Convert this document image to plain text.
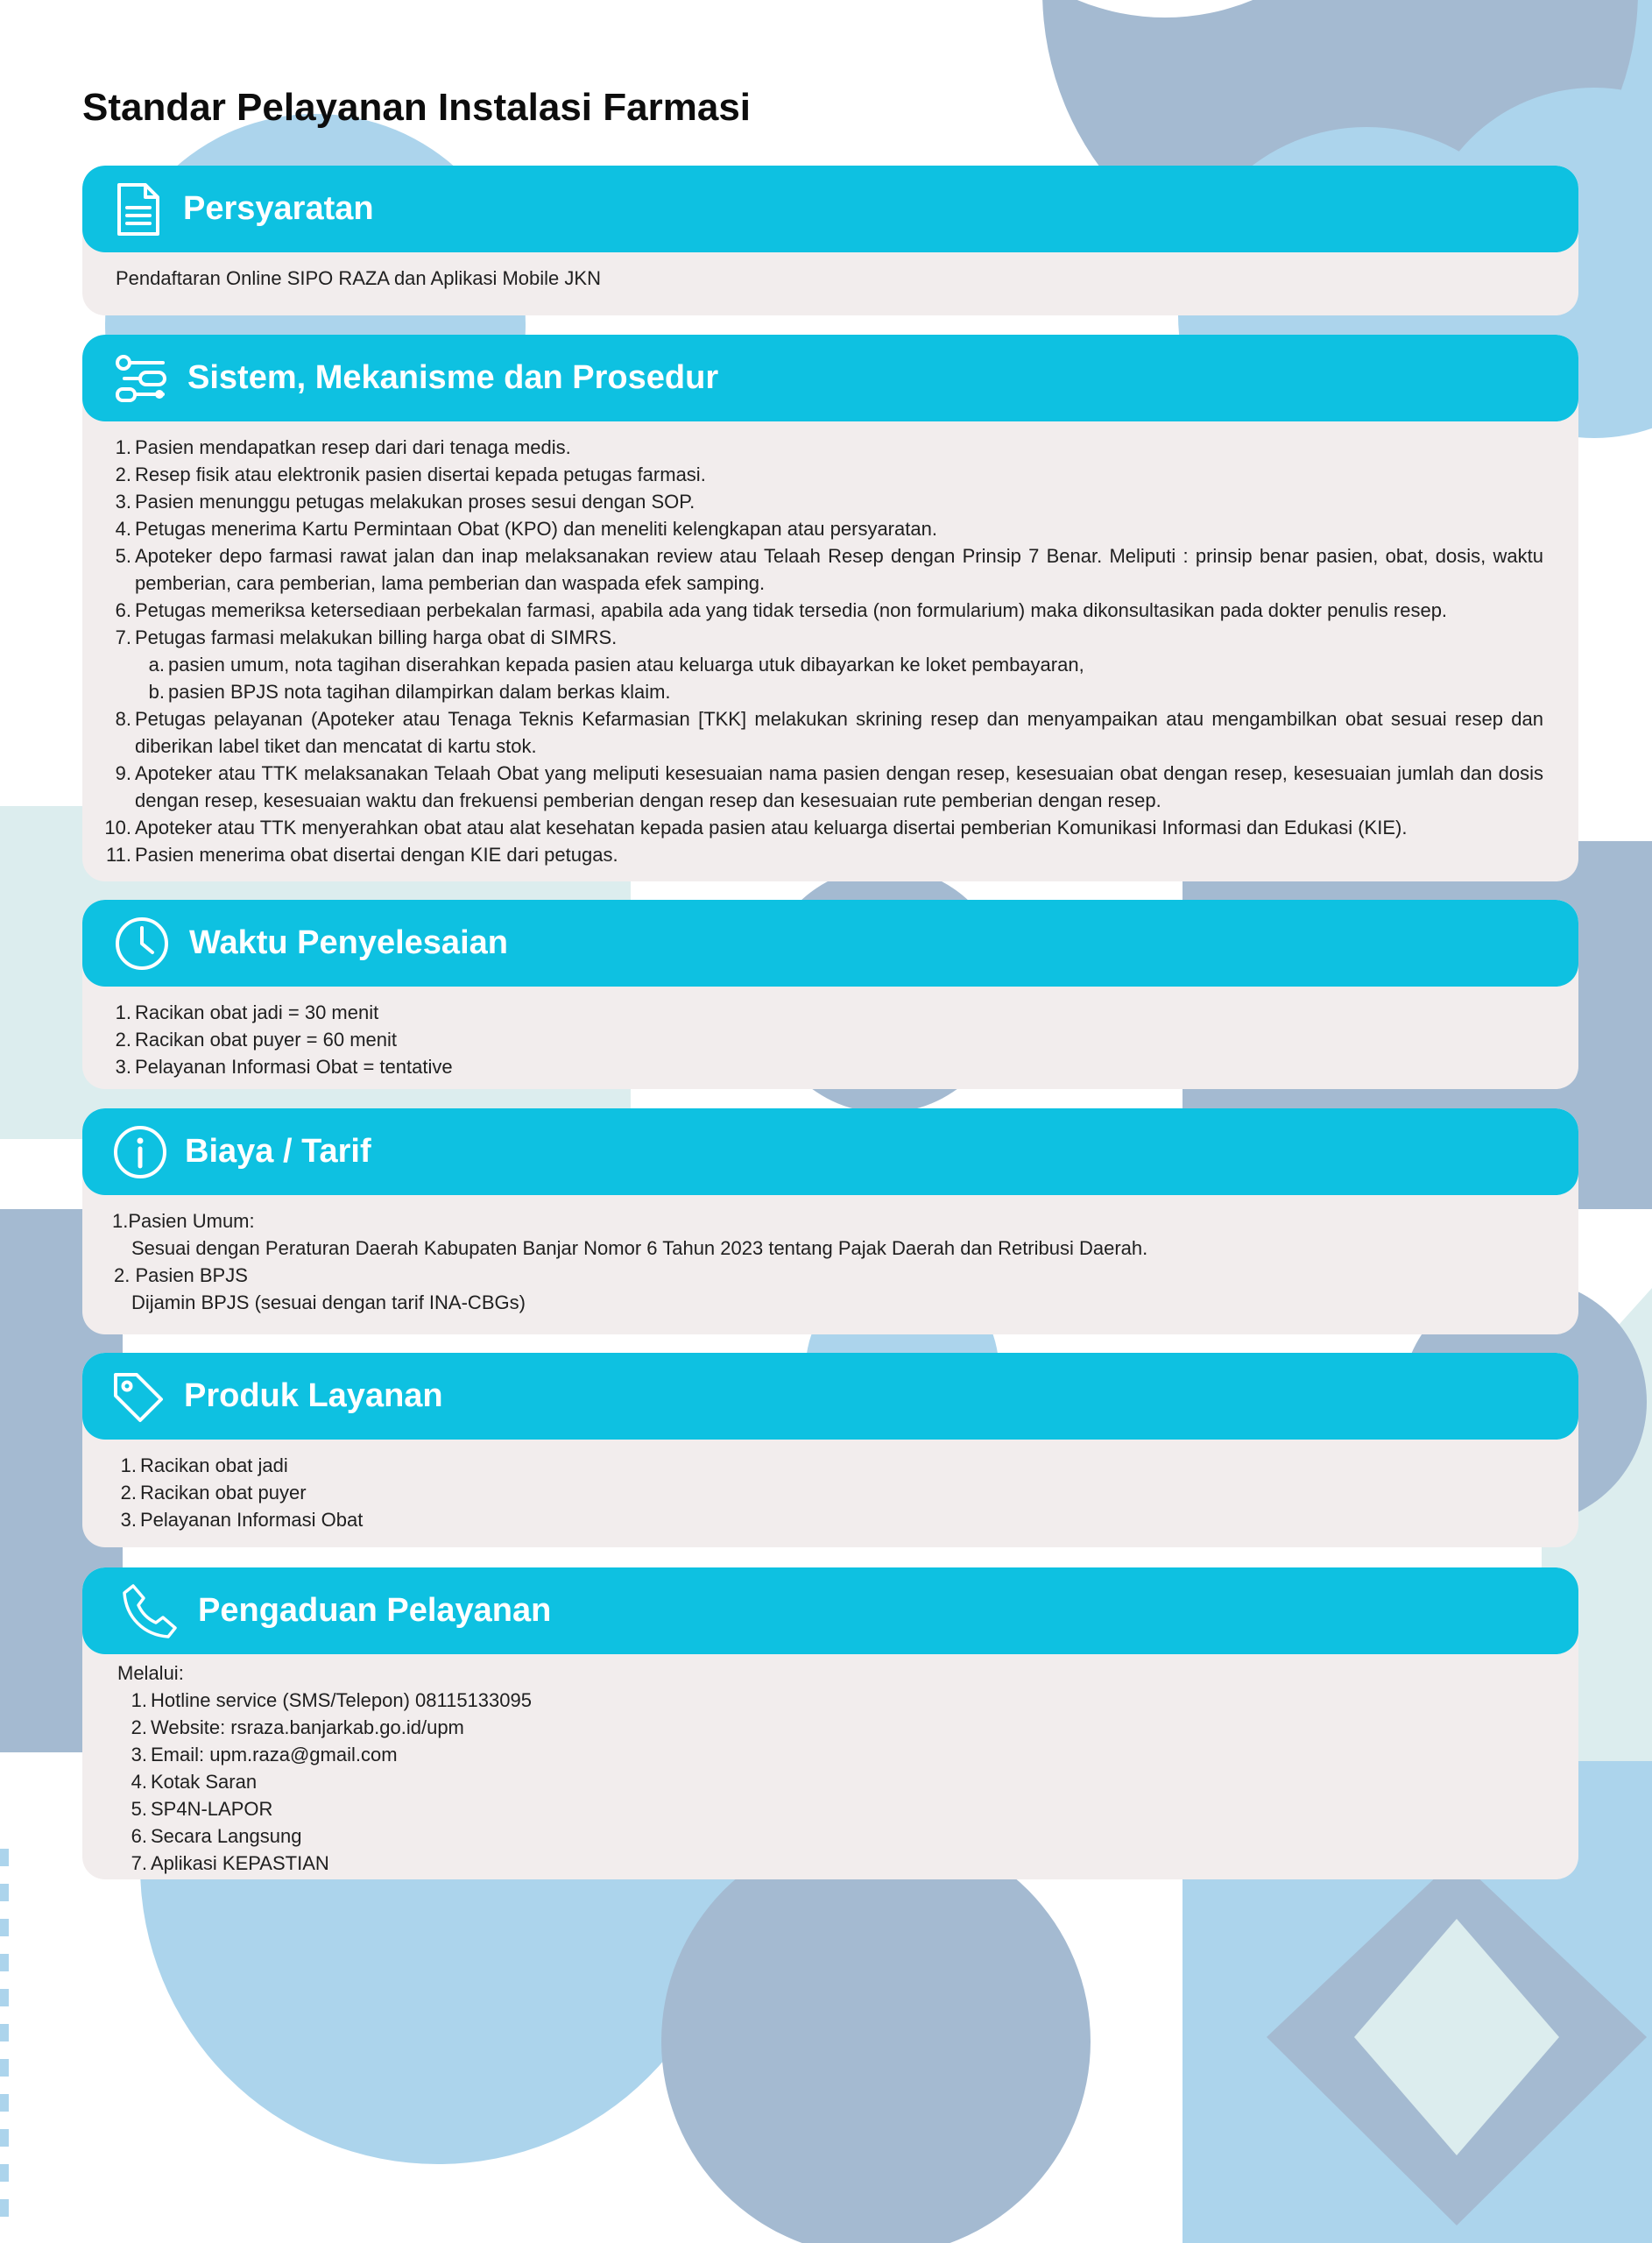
Standar Pelayanan Instalasi Farmasi
Persyaratan

Pendaftaran Online SIPO RAZA dan Aplikasi Mobile JKN

Sistem, Mekanisme dan Prosedur
1. Pasien mendapatkan resep dari dari tenaga medis.
2. Resep fisik atau elektronik pasien disertai kepada petugas farmasi.
3. Pasien menunggu petugas melakukan proses sesui dengan SOP.
4. Petugas menerima Kartu Permintaan Obat (KPO) dan meneliti kelengkapan atau persyaratan.
5. Apoteker depo farmasi rawat jalan dan inap melaksanakan review atau Telaah Resep dengan Prinsip 7 Benar. Meliputi : prinsip benar pasien, obat, dosis, waktu pemberian, cara pemberian, lama pemberian dan waspada efek samping.
6. Petugas memeriksa ketersediaan perbekalan farmasi, apabila ada yang tidak tersedia (non formularium) maka dikonsultasikan pada dokter penulis resep.
7. Petugas farmasi melakukan billing harga obat di SIMRS.
a. pasien umum, nota tagihan diserahkan kepada pasien atau keluarga utuk dibayarkan ke loket pembayaran,
b. pasien BPJS nota tagihan dilampirkan dalam berkas klaim.
8. Petugas pelayanan (Apoteker atau Tenaga Teknis Kefarmasian [TKK] melakukan skrining resep dan menyampaikan atau mengambilkan obat sesuai resep dan diberikan label tiket dan mencatat di kartu stok.
9. Apoteker atau TTK melaksanakan Telaah Obat yang meliputi kesesuaian nama pasien dengan resep, kesesuaian obat dengan resep, kesesuaian jumlah dan dosis dengan resep, kesesuaian waktu dan frekuensi pemberian dengan resep dan kesesuaian rute pemberian dengan resep.
10. Apoteker atau TTK menyerahkan obat atau alat kesehatan kepada pasien atau keluarga disertai pemberian Komunikasi Informasi dan Edukasi (KIE).
11. Pasien menerima obat disertai dengan KIE dari petugas.
Waktu Penyelesaian
1. Racikan obat jadi = 30 menit
2. Racikan obat puyer = 60 menit
3. Pelayanan Informasi Obat = tentative
Biaya / Tarif

1.Pasien Umum:

Sesuai dengan Peraturan Daerah Kabupaten Banjar Nomor 6 Tahun 2023 tentang Pajak Daerah dan Retribusi Daerah.

2. Pasien BPJS

Dijamin BPJS (sesuai dengan tarif INA-CBGs)

Produk Layanan
1. Racikan obat jadi
2. Racikan obat puyer
3. Pelayanan Informasi Obat
Pengaduan Pelayanan

Melalui:

1. Hotline service (SMS/Telepon) 08115133095
2. Website: rsraza.banjarkab.go.id/upm
3. Email: upm.raza@gmail.com
4. Kotak Saran
5. SP4N-LAPOR
6. Secara Langsung
7. Aplikasi KEPASTIAN
